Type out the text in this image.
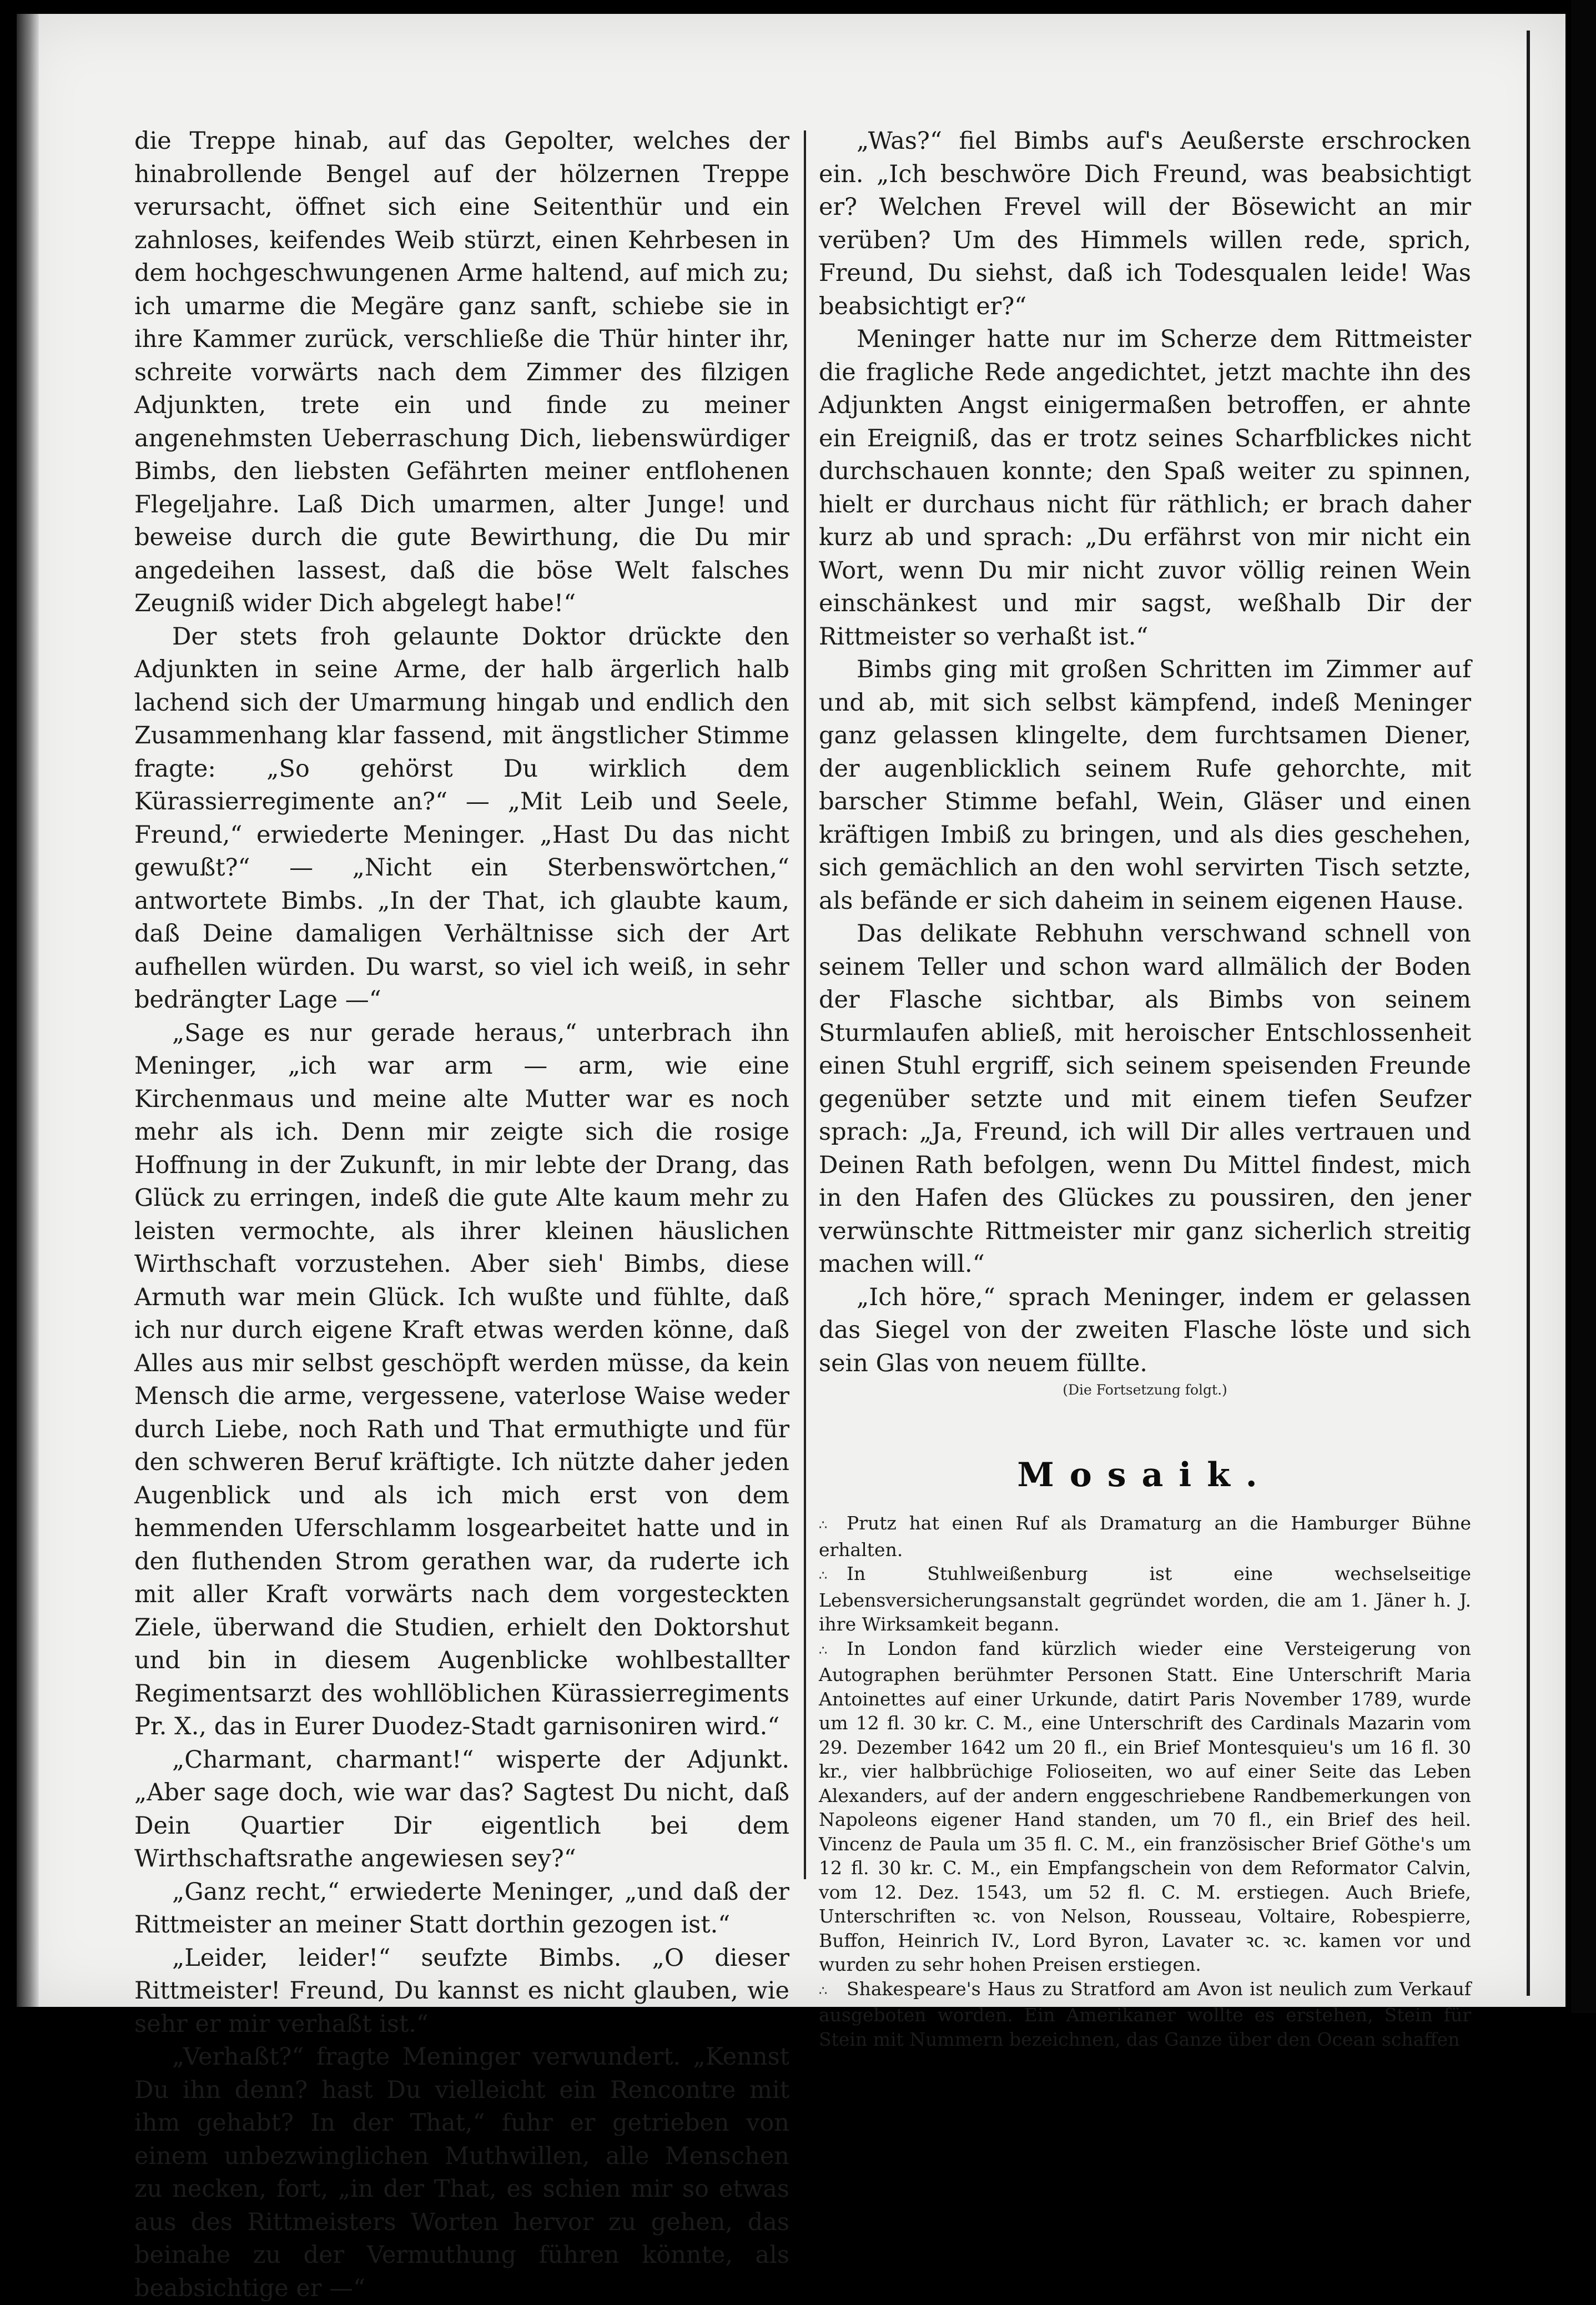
die Treppe hinab, auf das Gepolter, welches der hinabrollende Bengel auf der hölzernen Treppe verursacht, öffnet sich eine Seitenthür und ein zahnloses, keifendes Weib stürzt, einen Kehrbesen in dem hochgeschwungenen Arme haltend, auf mich zu; ich umarme die Megäre ganz sanft, schiebe sie in ihre Kammer zurück, verschließe die Thür hinter ihr, schreite vorwärts nach dem Zimmer des filzigen Adjunkten, trete ein und finde zu meiner angenehmsten Ueberraschung Dich, liebenswürdiger Bimbs, den liebsten Gefährten meiner entflohenen Flegeljahre. Laß Dich umarmen, alter Junge! und beweise durch die gute Bewirthung, die Du mir angedeihen lassest, daß die böse Welt falsches Zeugniß wider Dich abgelegt habe!“

Der stets froh gelaunte Doktor drückte den Adjunkten in seine Arme, der halb ärgerlich halb lachend sich der Umarmung hingab und endlich den Zusammenhang klar fassend, mit ängstlicher Stimme fragte: „So gehörst Du wirklich dem Kürassierregimente an?“ — „Mit Leib und Seele, Freund,“ erwiederte Meninger. „Hast Du das nicht gewußt?“ — „Nicht ein Sterbenswörtchen,“ antwortete Bimbs. „In der That, ich glaubte kaum, daß Deine damaligen Verhältnisse sich der Art aufhellen würden. Du warst, so viel ich weiß, in sehr bedrängter Lage —“

„Sage es nur gerade heraus,“ unterbrach ihn Meninger, „ich war arm — arm, wie eine Kirchenmaus und meine alte Mutter war es noch mehr als ich. Denn mir zeigte sich die rosige Hoffnung in der Zukunft, in mir lebte der Drang, das Glück zu erringen, indeß die gute Alte kaum mehr zu leisten vermochte, als ihrer kleinen häuslichen Wirthschaft vorzustehen. Aber sieh' Bimbs, diese Armuth war mein Glück. Ich wußte und fühlte, daß ich nur durch eigene Kraft etwas werden könne, daß Alles aus mir selbst geschöpft werden müsse, da kein Mensch die arme, vergessene, vaterlose Waise weder durch Liebe, noch Rath und That ermuthigte und für den schweren Beruf kräftigte. Ich nützte daher jeden Augenblick und als ich mich erst von dem hemmenden Uferschlamm losgearbeitet hatte und in den fluthenden Strom gerathen war, da ruderte ich mit aller Kraft vorwärts nach dem vorgesteckten Ziele, überwand die Studien, erhielt den Doktorshut und bin in diesem Augenblicke wohlbestallter Regimentsarzt des wohllöblichen Kürassierregiments Pr. X., das in Eurer Duodez-Stadt garnisoniren wird.“

„Charmant, charmant!“ wisperte der Adjunkt. „Aber sage doch, wie war das? Sagtest Du nicht, daß Dein Quartier Dir eigentlich bei dem Wirthschaftsrathe angewiesen sey?“

„Ganz recht,“ erwiederte Meninger, „und daß der Rittmeister an meiner Statt dorthin gezogen ist.“

„Leider, leider!“ seufzte Bimbs. „O dieser Rittmeister! Freund, Du kannst es nicht glauben, wie sehr er mir verhaßt ist.“

„Verhaßt?“ fragte Meninger verwundert. „Kennst Du ihn denn? hast Du vielleicht ein Rencontre mit ihm gehabt? In der That,“ fuhr er getrieben von einem unbezwinglichen Muthwillen, alle Menschen zu necken, fort, „in der That, es schien mir so etwas aus des Rittmeisters Worten hervor zu gehen, das beinahe zu der Vermuthung führen könnte, als beabsichtige er —“

„Was?“ fiel Bimbs auf's Aeußerste erschrocken ein. „Ich beschwöre Dich Freund, was beabsichtigt er? Welchen Frevel will der Bösewicht an mir verüben? Um des Himmels willen rede, sprich, Freund, Du siehst, daß ich Todesqualen leide! Was beabsichtigt er?“

Meninger hatte nur im Scherze dem Rittmeister die fragliche Rede angedichtet, jetzt machte ihn des Adjunkten Angst einigermaßen betroffen, er ahnte ein Ereigniß, das er trotz seines Scharfblickes nicht durchschauen konnte; den Spaß weiter zu spinnen, hielt er durchaus nicht für räthlich; er brach daher kurz ab und sprach: „Du erfährst von mir nicht ein Wort, wenn Du mir nicht zuvor völlig reinen Wein einschänkest und mir sagst, weßhalb Dir der Rittmeister so verhaßt ist.“

Bimbs ging mit großen Schritten im Zimmer auf und ab, mit sich selbst kämpfend, indeß Meninger ganz gelassen klingelte, dem furchtsamen Diener, der augenblicklich seinem Rufe gehorchte, mit barscher Stimme befahl, Wein, Gläser und einen kräftigen Imbiß zu bringen, und als dies geschehen, sich gemächlich an den wohl servirten Tisch setzte, als befände er sich daheim in seinem eigenen Hause.

Das delikate Rebhuhn verschwand schnell von seinem Teller und schon ward allmälich der Boden der Flasche sichtbar, als Bimbs von seinem Sturmlaufen abließ, mit heroischer Entschlossenheit einen Stuhl ergriff, sich seinem speisenden Freunde gegenüber setzte und mit einem tiefen Seufzer sprach: „Ja, Freund, ich will Dir alles vertrauen und Deinen Rath befolgen, wenn Du Mittel findest, mich in den Hafen des Glückes zu poussiren, den jener verwünschte Rittmeister mir ganz sicherlich streitig machen will.“

„Ich höre,“ sprach Meninger, indem er gelassen das Siegel von der zweiten Flasche löste und sich sein Glas von neuem füllte.

(Die Fortsetzung folgt.)

Mosaik.

∴ Prutz hat einen Ruf als Dramaturg an die Hamburger Bühne erhalten.

∴ In Stuhlweißenburg ist eine wechselseitige Lebensversicherungsanstalt gegründet worden, die am 1. Jäner h. J. ihre Wirksamkeit begann.

∴ In London fand kürzlich wieder eine Versteigerung von Autographen berühmter Personen Statt. Eine Unterschrift Maria Antoinettes auf einer Urkunde, datirt Paris November 1789, wurde um 12 fl. 30 kr. C. M., eine Unterschrift des Cardinals Mazarin vom 29. Dezember 1642 um 20 fl., ein Brief Montesquieu's um 16 fl. 30 kr., vier halbbrüchige Folioseiten, wo auf einer Seite das Leben Alexanders, auf der andern enggeschriebene Randbemerkungen von Napoleons eigener Hand standen, um 70 fl., ein Brief des heil. Vincenz de Paula um 35 fl. C. M., ein französischer Brief Göthe's um 12 fl. 30 kr. C. M., ein Empfangschein von dem Reformator Calvin, vom 12. Dez. 1543, um 52 fl. C. M. erstiegen. Auch Briefe, Unterschriften ꝛc. von Nelson, Rousseau, Voltaire, Robespierre, Buffon, Heinrich IV., Lord Byron, Lavater ꝛc. ꝛc. kamen vor und wurden zu sehr hohen Preisen erstiegen.

∴ Shakespeare's Haus zu Stratford am Avon ist neulich zum Verkauf ausgeboten worden. Ein Amerikaner wollte es erstehen, Stein für Stein mit Nummern bezeichnen, das Ganze über den Ocean schaffen
